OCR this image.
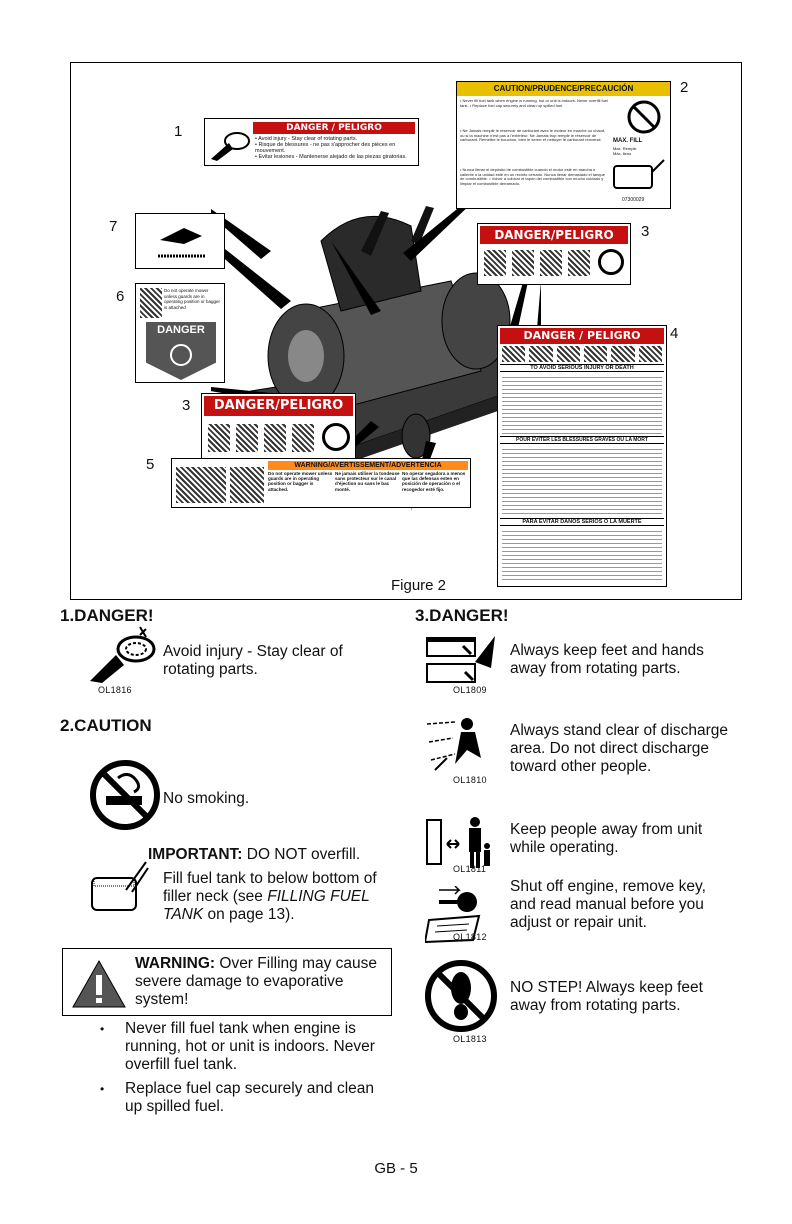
1
2
3
3
4
5
6
7
DANGER / PELIGRO
• Avoid injury - Stay clear of rotating parts.
• Risque de blessures - ne pas s'approcher des pièces en mouvement.
• Evitar lesiones - Mantenerse alejado de las piezas giratorias.
CAUTION/PRUDENCE/PRECAUCIÓN
• Never fill fuel tank when engine is running, hot or unit is indoors. Never overfill fuel tank. • Replace fuel cap securely and clean up spilled fuel.
• Ne Jamais remplir le réservoir de carburant avec le moteur en marche ou chaud, ou si la machine n'est pas à l'extérieur. Ne Jamais trop remplir le réservoir de carburant. Remettre le bouchon, bien le serrer et nettoyer le carburant renversé.
• Nunca llenar el depósito de combustible cuando el motor esté en marcha o caliente o la unidad esté en un recinto cerrado. Nunca llenar demasiado el tanque de combustible. • Volver a colocar el tapón del combustible con mucho cuidado y limpiar el combustible derramado.
MAX. FILL
Max. Remplir
Máx. lleno
07300029
DANGER/PELIGRO
DANGER/PELIGRO
DANGER / PELIGRO
TO AVOID SERIOUS INJURY OR DEATH
POUR ÉVITER LES BLESSURES GRAVES OU LA MORT
PARA EVITAR DAÑOS SERIOS O LA MUERTE
WARNING/AVERTISSEMENT/ADVERTENCIA
Do not operate mower unless guards are in operating position or bagger is attached.
Ne jamais utiliser la tondeuse sans protecteur sur le canal d'éjection ou sans le bac monté.
No operar segadora a menos que las defensas esten en posición de operación o el recogedor esté fijo.
Do not operate mower unless guards are in operating position or bagger is attached
DANGER
Figure 2
1.DANGER!
Avoid injury - Stay clear of
rotating parts.
OL1816
2.CAUTION
No smoking.
IMPORTANT: DO NOT overfill.
Fill fuel tank to below bottom of
filler neck (see FILLING FUEL
TANK on page 13).
WARNING: Over Filling may cause
severe damage to evaporative
system!
• Never fill fuel tank when engine is
running, hot or unit is indoors. Never
overfill fuel tank.
• Replace fuel cap securely and clean
up spilled fuel.
3.DANGER!
Always keep feet and hands
away from rotating parts.
OL1809
Always stand clear of discharge
area. Do not direct discharge
toward other people.
OL1810
Keep people away from unit
while operating.
OL1811
Shut off engine, remove key,
and read manual before you
adjust or repair unit.
OL1812
NO STEP! Always keep feet
away from rotating parts.
OL1813
GB - 5
